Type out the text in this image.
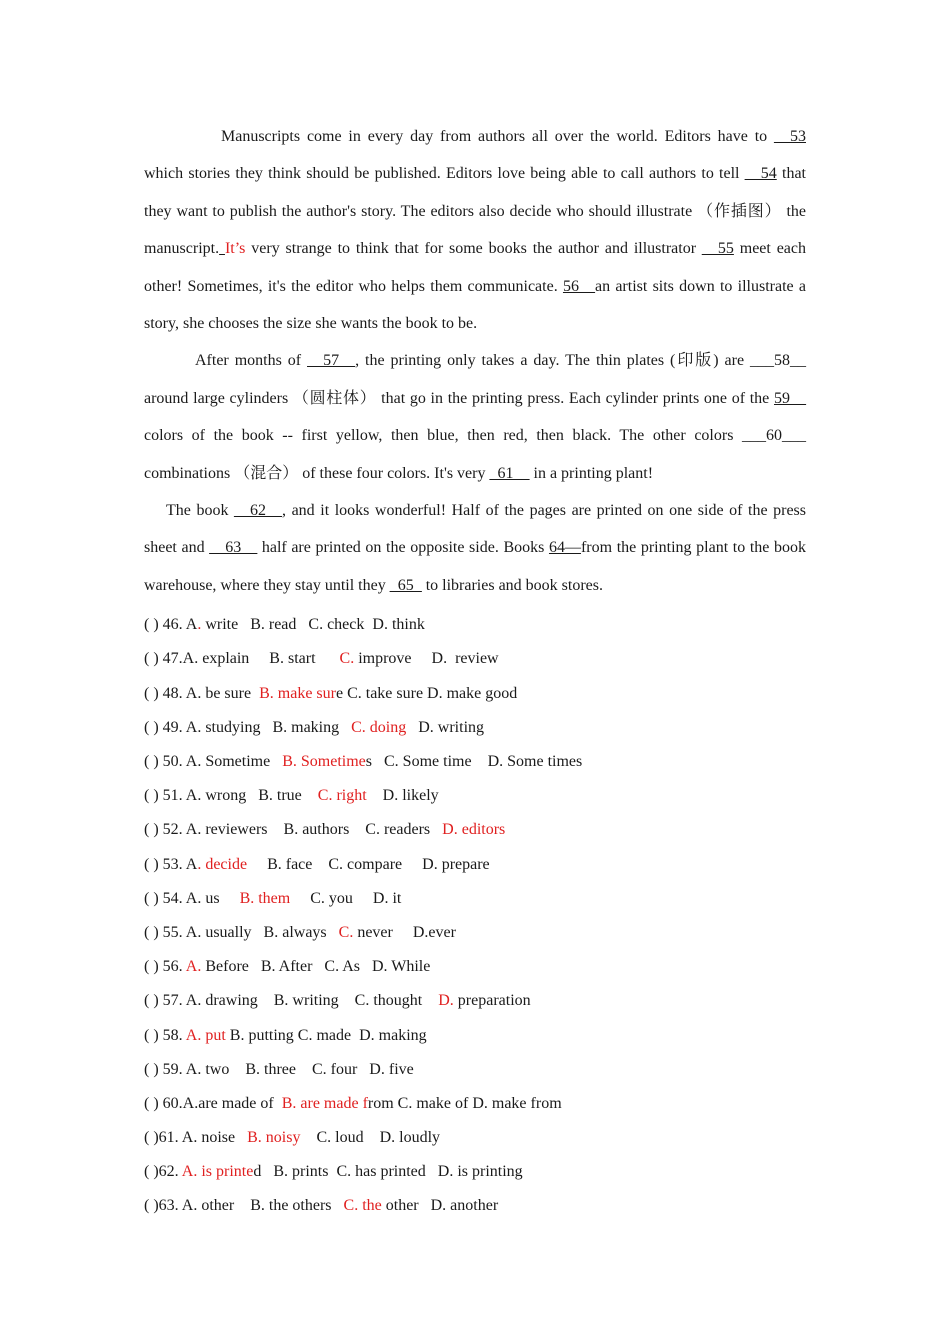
Manuscripts come in every day from authors all over the world. Editors have to __53 which stories they think should be published. Editors love being able to call authors to tell __54 that they want to publish the author's story. The editors also decide who should illustrate （作插图） the manuscript. It’s very strange to think that for some books the author and illustrator __55 meet each other! Sometimes, it's the editor who helps them communicate. 56__an artist sits down to illustrate a story, she chooses the size she wants the book to be.

After months of __57__, the printing only takes a day. The thin plates (印版) are ___58__ around large cylinders （圆柱体） that go in the printing press. Each cylinder prints one of the 59__ colors of the book -- first yellow, then blue, then red, then black. The other colors ___60___ combinations （混合） of these four colors. It's very _61__ in a printing plant!

The book __62__, and it looks wonderful! Half of the pages are printed on one side of the press sheet and __63__ half are printed on the opposite side. Books 64—from the printing plant to the book warehouse, where they stay until they _65_ to libraries and book stores.

( ) 46. A. write   B. read   C. check  D. think
( ) 47.A. explain     B. start      C. improve     D.  review
( ) 48. A. be sure  B. make sure C. take sure D. make good
( ) 49. A. studying   B. making   C. doing   D. writing
( ) 50. A. Sometime   B. Sometimes   C. Some time    D. Some times
( ) 51. A. wrong   B. true    C. right    D. likely
( ) 52. A. reviewers    B. authors    C. readers   D. editors
( ) 53. A. decide     B. face    C. compare     D. prepare
( ) 54. A. us     B. them     C. you     D. it
( ) 55. A. usually   B. always   C. never     D.ever
( ) 56. A. Before   B. After   C. As   D. While
( ) 57. A. drawing    B. writing    C. thought    D. preparation
( ) 58. A. put B. putting C. made  D. making
( ) 59. A. two    B. three    C. four   D. five
( ) 60.A.are made of  B. are made from C. make of D. make from
( )61. A. noise   B. noisy    C. loud    D. loudly
( )62. A. is printed   B. prints  C. has printed   D. is printing
( )63. A. other    B. the others   C. the other   D. another
